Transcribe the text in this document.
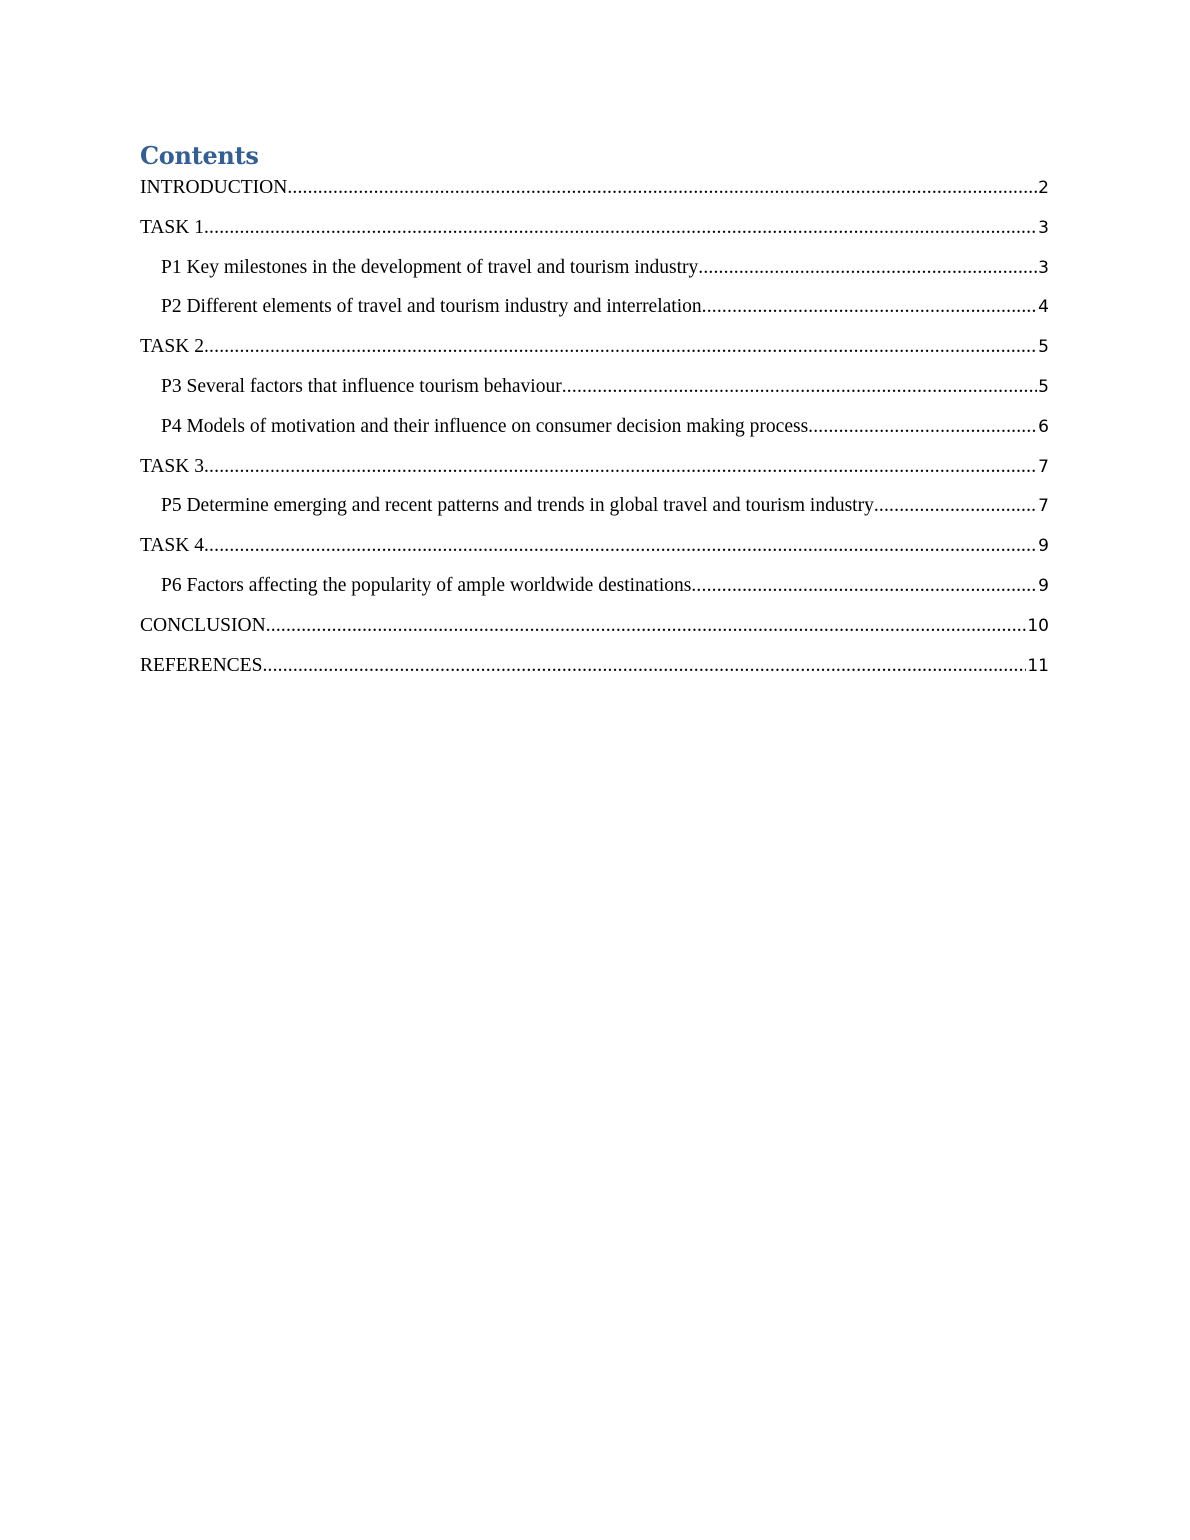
Contents
INTRODUCTION .....	2
TASK 1 .....	3
P1 Key milestones in the development of travel and tourism industry .....	3
P2 Different elements of travel and tourism industry and interrelation .....	4
TASK 2 .....	5
P3 Several factors that influence tourism behaviour .....	5
P4 Models of motivation and their influence on consumer decision making process .....	6
TASK 3 .....	7
P5 Determine emerging and recent patterns and trends in global travel and tourism industry .....	7
TASK 4 .....	9
P6 Factors affecting the popularity of ample worldwide destinations .....	9
CONCLUSION .....	10
REFERENCES .....	11
